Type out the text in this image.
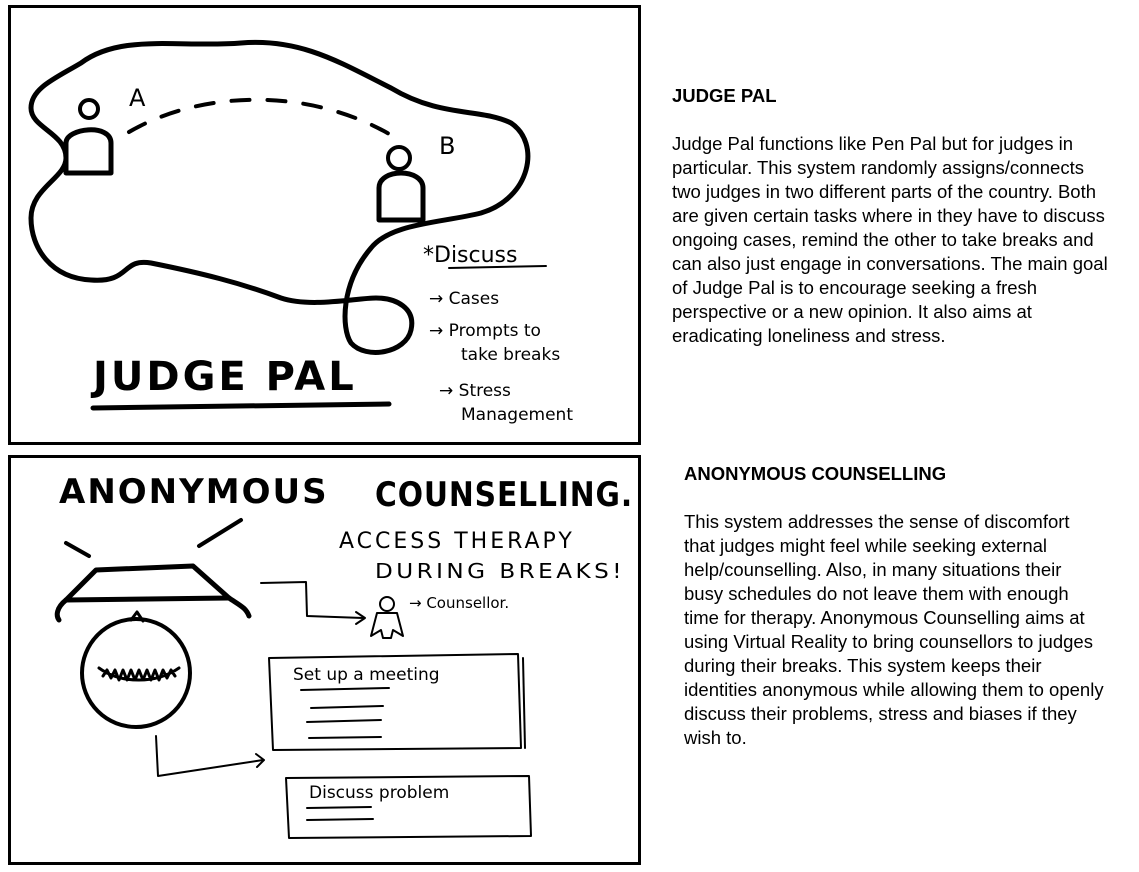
A
B
*Discuss
→ Cases
→ Prompts to
take breaks
→ Stress
Management
JUDGE PAL
JUDGE PAL

Judge Pal functions like Pen Pal but for judges in particular. This system randomly assigns/connects two judges in two different parts of the country. Both are given certain tasks where in they have to discuss ongoing cases, remind the other to take breaks and can also just engage in conversations. The main goal of Judge Pal is to encourage seeking a fresh perspective or a new opinion. It also aims at eradicating loneliness and stress.

ANONYMOUS COUNSELLING.
ACCESS THERAPY
DURING BREAKS!
→ Counsellor.
Set up a meeting
Discuss problem
ANONYMOUS COUNSELLING

This system addresses the sense of discomfort that judges might feel while seeking external help/counselling. Also, in many situations their busy schedules do not leave them with enough time for therapy. Anonymous Counselling aims at using Virtual Reality to bring counsellors to judges during their breaks. This system keeps their identities anonymous while allowing them to openly discuss their problems, stress and biases if they wish to.
